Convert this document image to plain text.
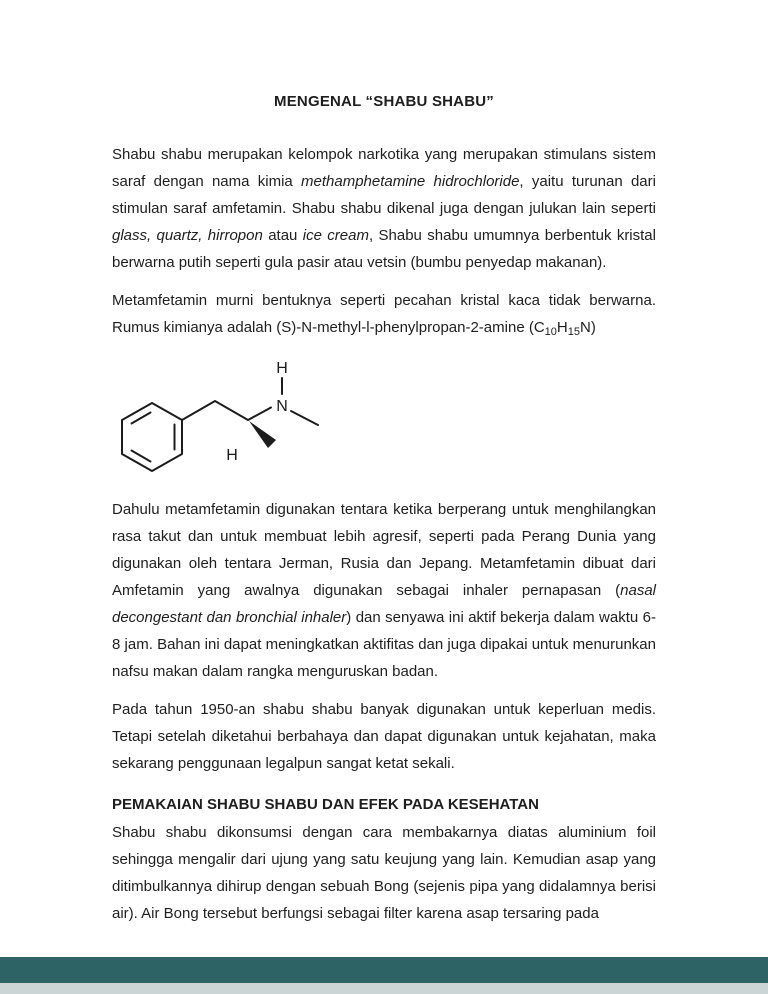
MENGENAL “SHABU SHABU”

Shabu shabu merupakan kelompok narkotika yang merupakan stimulans sistem saraf dengan nama kimia methamphetamine hidrochloride, yaitu turunan dari stimulan saraf amfetamin. Shabu shabu dikenal juga dengan julukan lain seperti glass, quartz, hirropon atau ice cream, Shabu shabu umumnya berbentuk kristal berwarna putih seperti gula pasir atau vetsin (bumbu penyedap makanan).

Metamfetamin murni bentuknya seperti pecahan kristal kaca tidak berwarna. Rumus kimianya adalah (S)-N-methyl-l-phenylpropan-2-amine $(C_{10}H_{15}N)$

H
N
H

Dahulu metamfetamin digunakan tentara ketika berperang untuk menghilangkan rasa takut dan untuk membuat lebih agresif, seperti pada Perang Dunia yang digunakan oleh tentara Jerman, Rusia dan Jepang. Metamfetamin dibuat dari Amfetamin yang awalnya digunakan sebagai inhaler pernapasan (nasal decongestant dan bronchial inhaler) dan senyawa ini aktif bekerja dalam waktu 6-8 jam. Bahan ini dapat meningkatkan aktifitas dan juga dipakai untuk menurunkan nafsu makan dalam rangka menguruskan badan.

Pada tahun 1950-an shabu shabu banyak digunakan untuk keperluan medis. Tetapi setelah diketahui berbahaya dan dapat digunakan untuk kejahatan, maka sekarang penggunaan legalpun sangat ketat sekali.

PEMAKAIAN SHABU SHABU DAN EFEK PADA KESEHATAN

Shabu shabu dikonsumsi dengan cara membakarnya diatas aluminium foil sehingga mengalir dari ujung yang satu keujung yang lain. Kemudian asap yang ditimbulkannya dihirup dengan sebuah Bong (sejenis pipa yang didalamnya berisi air). Air Bong tersebut berfungsi sebagai filter karena asap tersaring pada
